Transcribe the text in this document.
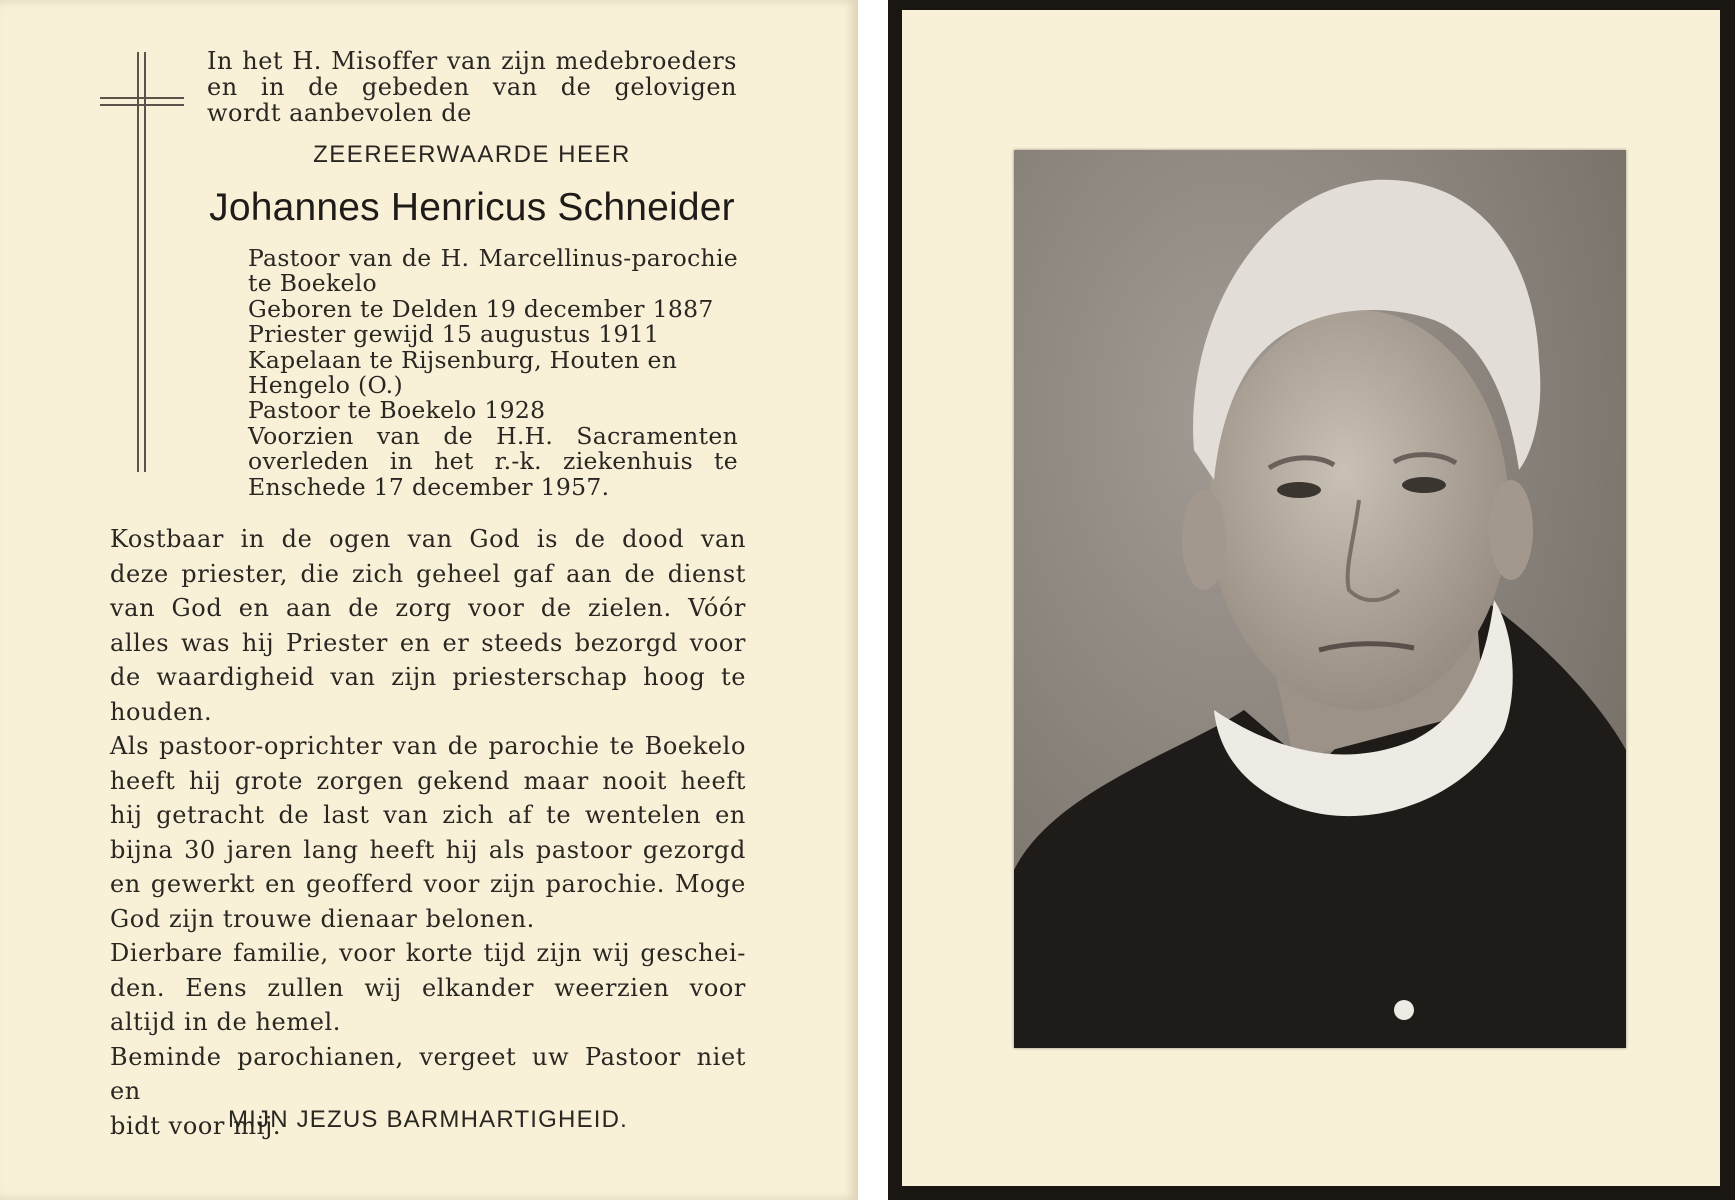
In het H. Misoffer van zijn medebroeders
en in de gebeden van de gelovigen
wordt aanbevolen de
ZEEREERWAARDE HEER
Johannes Henricus Schneider
Pastoor van de H. Marcellinus-parochie
te Boekelo
Geboren te Delden 19 december 1887
Priester gewijd 15 augustus 1911
Kapelaan te Rijsenburg, Houten en
Hengelo (O.)
Pastoor te Boekelo 1928
Voorzien van de H.H. Sacramenten
overleden in het r.-k. ziekenhuis te
Enschede 17 december 1957.
Kostbaar in de ogen van God is de dood van
deze priester, die zich geheel gaf aan de dienst
van God en aan de zorg voor de zielen. Vóór
alles was hij Priester en er steeds bezorgd voor
de waardigheid van zijn priesterschap hoog te
houden.
Als pastoor-oprichter van de parochie te Boekelo
heeft hij grote zorgen gekend maar nooit heeft
hij getracht de last van zich af te wentelen en
bijna 30 jaren lang heeft hij als pastoor gezorgd
en gewerkt en geofferd voor zijn parochie. Moge
God zijn trouwe dienaar belonen.
Dierbare familie, voor korte tijd zijn wij geschei-
den. Eens zullen wij elkander weerzien voor
altijd in de hemel.
Beminde parochianen, vergeet uw Pastoor niet en
bidt voor mij.
MIJN JEZUS BARMHARTIGHEID.
